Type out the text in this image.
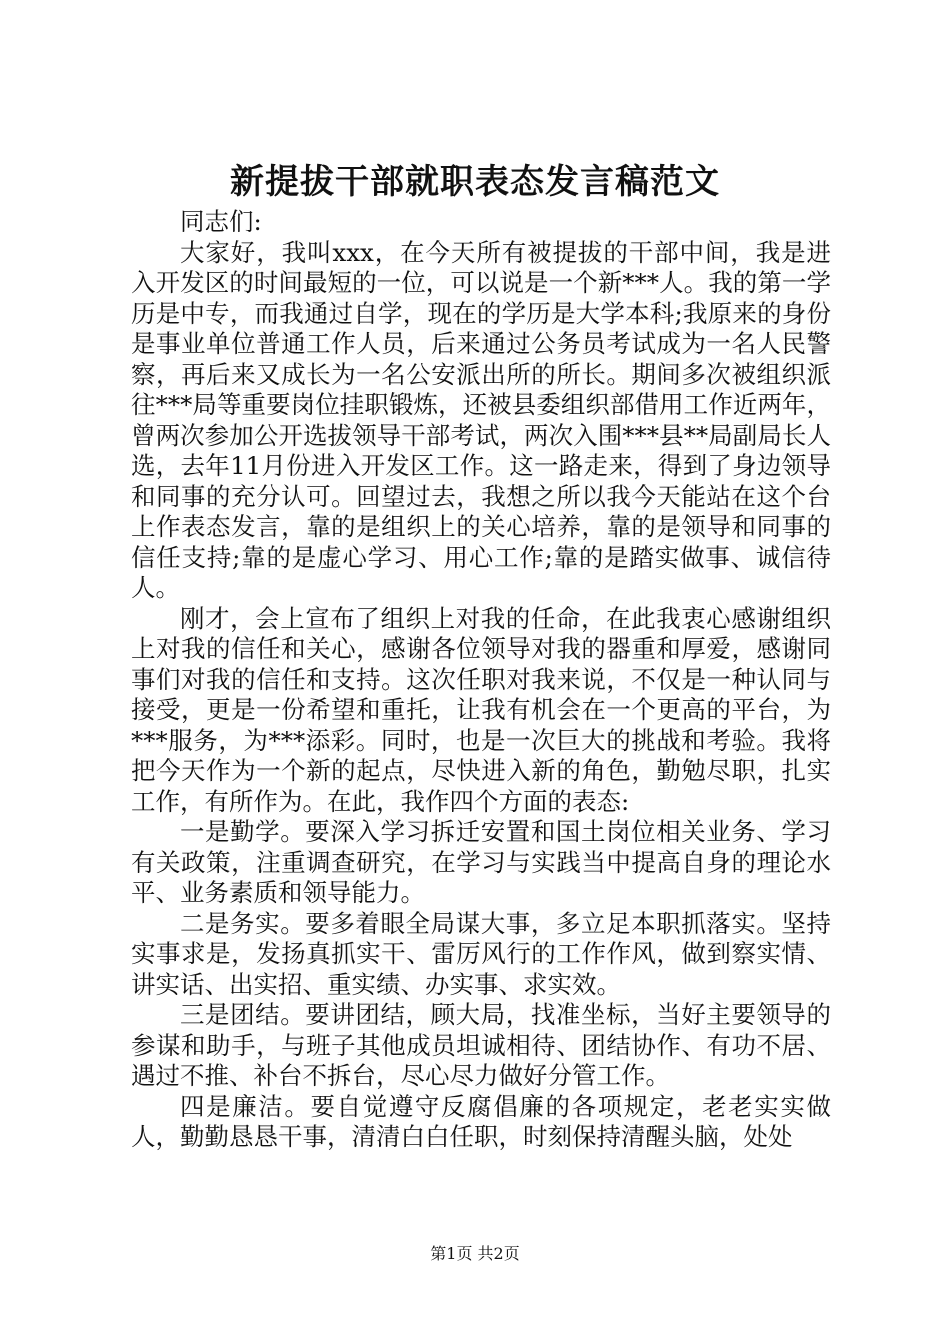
新提拔干部就职表态发言稿范文

同志们:

大家好，我叫xxx，在今天所有被提拔的干部中间，我是进入开发区的时间最短的一位，可以说是一个新***人。我的第一学历是中专，而我通过自学，现在的学历是大学本科;我原来的身份是事业单位普通工作人员，后来通过公务员考试成为一名人民警察，再后来又成长为一名公安派出所的所长。期间多次被组织派往***局等重要岗位挂职锻炼，还被县委组织部借用工作近两年，曾两次参加公开选拔领导干部考试，两次入围***县**局副局长人选，去年11月份进入开发区工作。这一路走来，得到了身边领导和同事的充分认可。回望过去，我想之所以我今天能站在这个台上作表态发言，靠的是组织上的关心培养，靠的是领导和同事的信任支持;靠的是虚心学习、用心工作;靠的是踏实做事、诚信待人。

刚才，会上宣布了组织上对我的任命，在此我衷心感谢组织上对我的信任和关心，感谢各位领导对我的器重和厚爱，感谢同事们对我的信任和支持。这次任职对我来说，不仅是一种认同与接受，更是一份希望和重托，让我有机会在一个更高的平台，为***服务，为***添彩。同时，也是一次巨大的挑战和考验。我将把今天作为一个新的起点，尽快进入新的角色，勤勉尽职，扎实工作，有所作为。在此，我作四个方面的表态:

一是勤学。要深入学习拆迁安置和国土岗位相关业务、学习有关政策，注重调查研究，在学习与实践当中提高自身的理论水平、业务素质和领导能力。

二是务实。要多着眼全局谋大事，多立足本职抓落实。坚持实事求是，发扬真抓实干、雷厉风行的工作作风，做到察实情、讲实话、出实招、重实绩、办实事、求实效。

三是团结。要讲团结，顾大局，找准坐标，当好主要领导的参谋和助手，与班子其他成员坦诚相待、团结协作、有功不居、遇过不推、补台不拆台，尽心尽力做好分管工作。

四是廉洁。要自觉遵守反腐倡廉的各项规定，老老实实做人，勤勤恳恳干事，清清白白任职，时刻保持清醒头脑，处处

第1页 共2页
